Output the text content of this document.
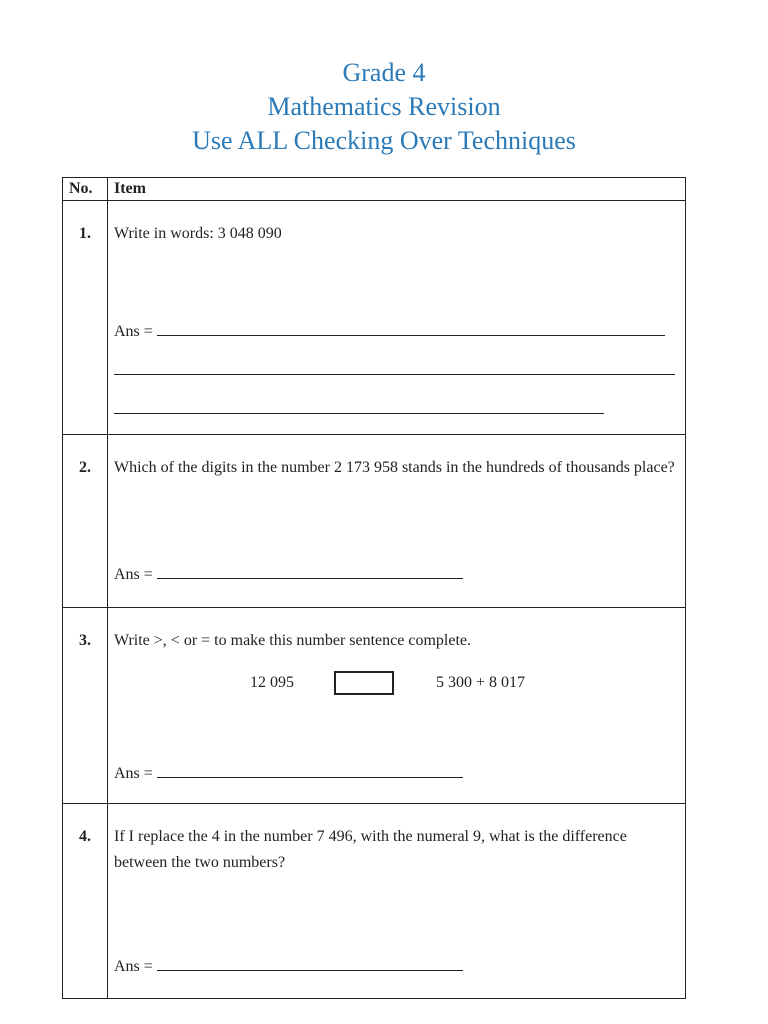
Grade 4
Mathematics Revision
Use ALL Checking Over Techniques
No.	Item

1.	Write in words: 3 048 090
Ans =

2.	Which of the digits in the number 2 173 958 stands in the hundreds of thousands place?
Ans =

3.	Write >, < or = to make this number sentence complete.
12 095 5 300 + 8 017
Ans =

4.	If I replace the 4 in the number 7 496, with the numeral 9, what is the difference between the two numbers?
Ans =
